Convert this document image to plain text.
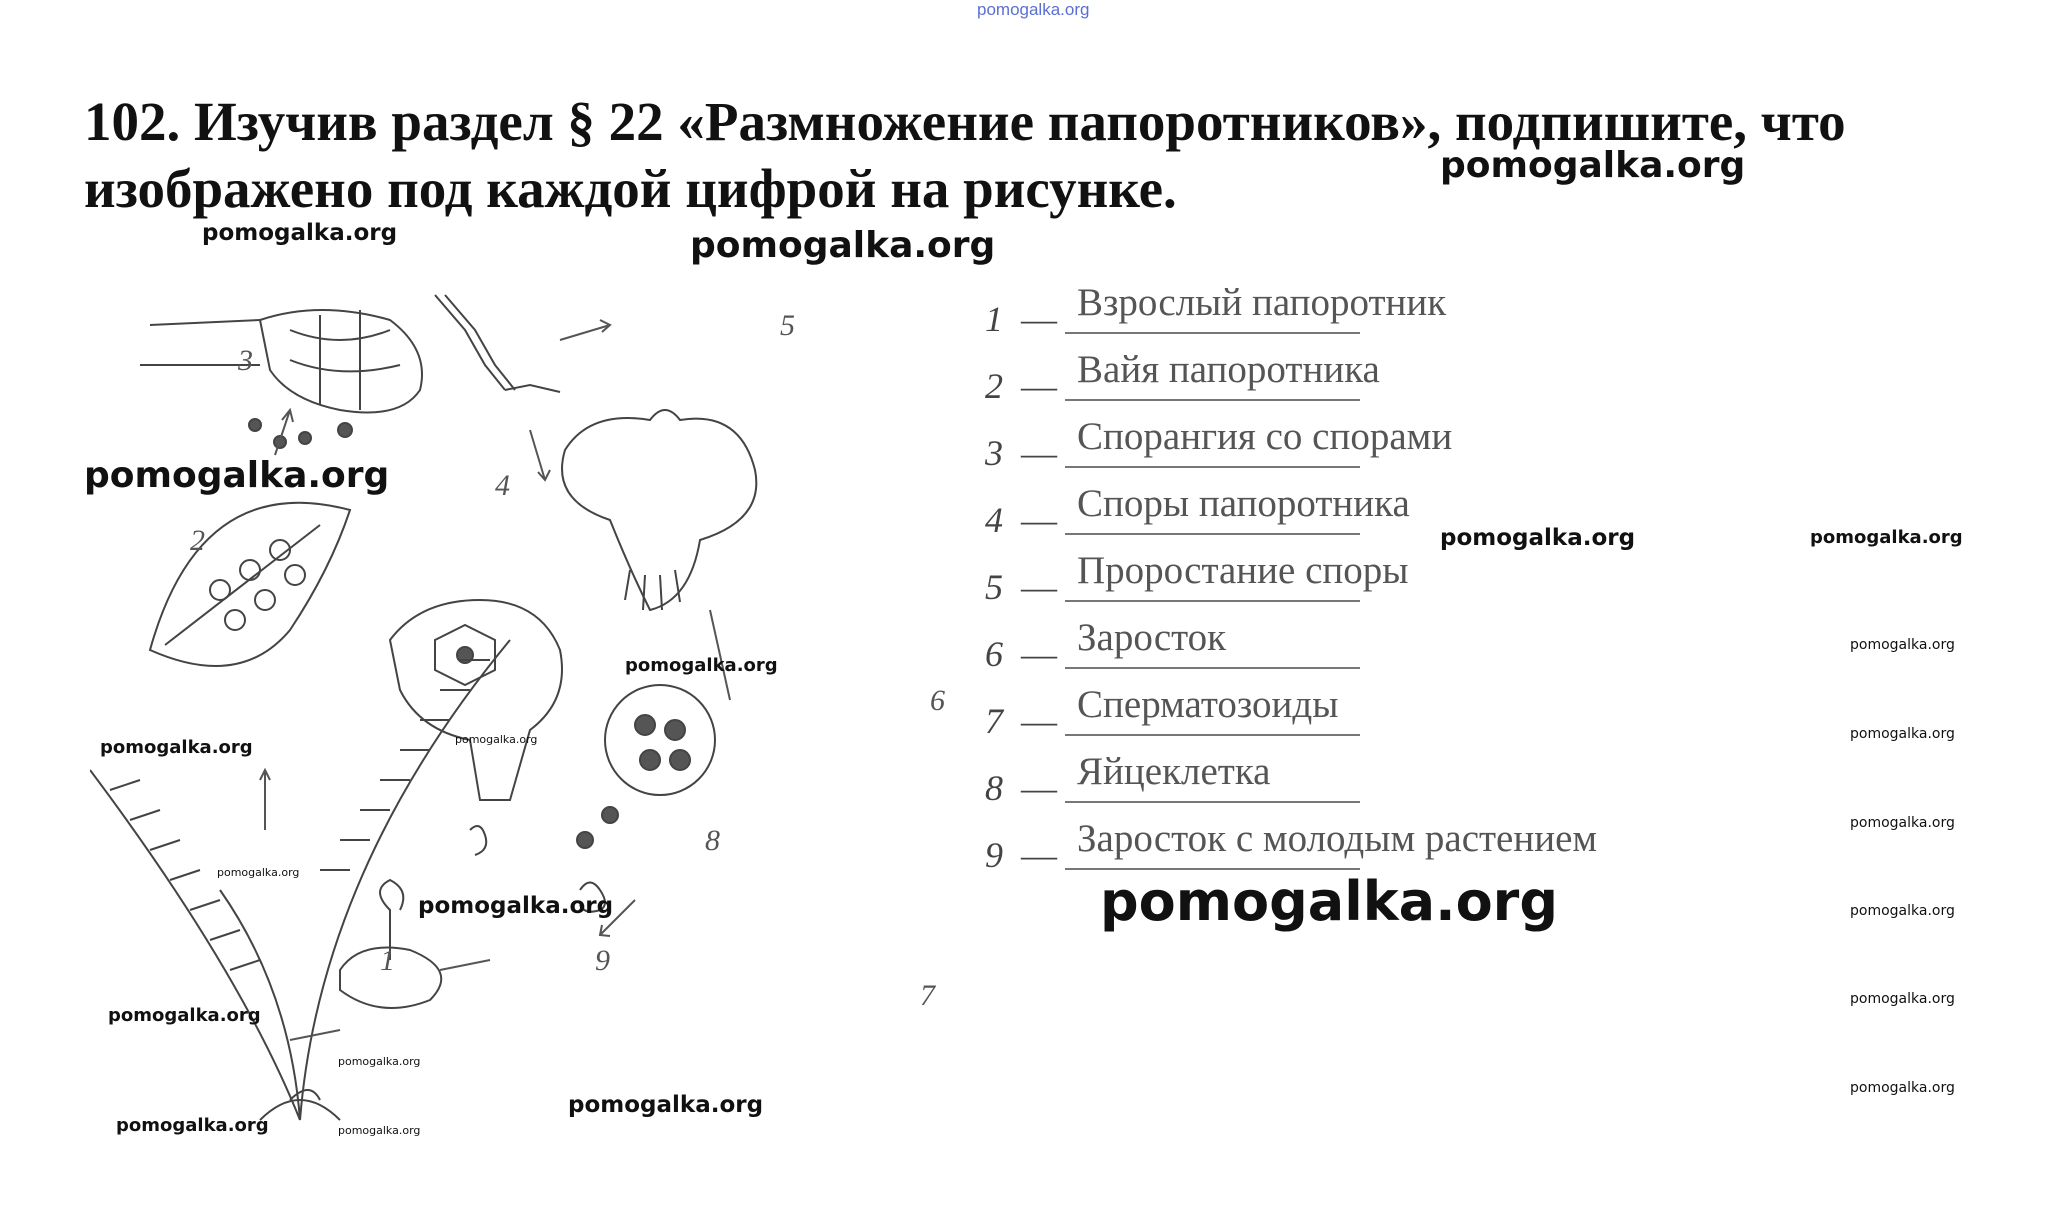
pomogalka.org
102. Изучив раздел § 22 «Размножение папоротников», подпишите, что
изображено под каждой цифрой на рисунке.
3
4
5
2
6
8
1	9
7
1 — Взрослый папоротник
2 — Вайя папоротника
3 — Спорангия со спорами
4 — Споры папоротника
5 — Проростание споры
6 — Заросток
7 — Сперматозоиды
8 — Яйцеклетка
9 — Заросток с молодым растением
pomogalka.org
pomogalka.org	pomogalka.org
pomogalka.org
pomogalka.org	pomogalka.org
pomogalka.org
pomogalka.org
pomogalka.org	pomogalka.org	pomogalka.org
pomogalka.org
pomogalka.org
pomogalka.org	pomogalka.org	pomogalka.org
pomogalka.org
pomogalka.org
pomogalka.org
pomogalka.org
pomogalka.org
pomogalka.org	pomogalka.org
